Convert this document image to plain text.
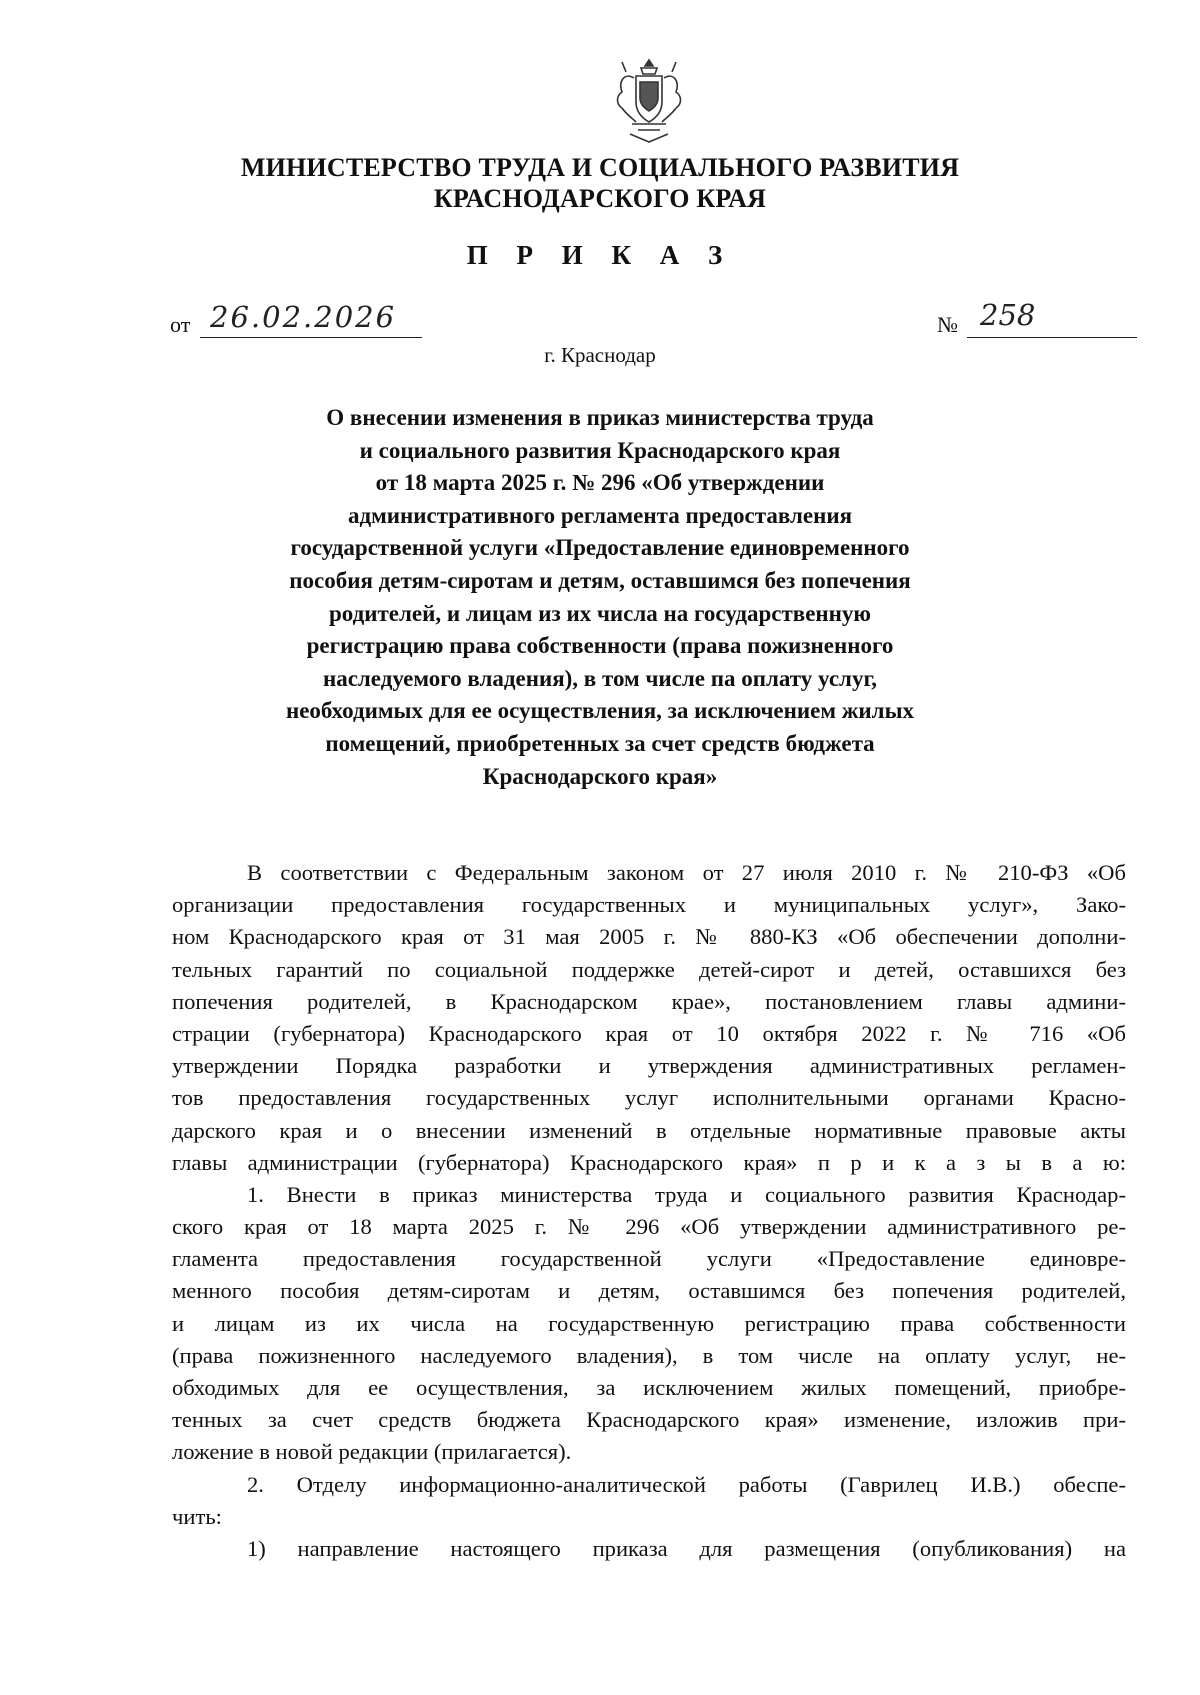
МИНИСТЕРСТВО ТРУДА И СОЦИАЛЬНОГО РАЗВИТИЯ
КРАСНОДАРСКОГО КРАЯ
П Р И К А З
от 26.02.2026	№ 258
г. Краснодар
О внесении изменения в приказ министерства труда
и социального развития Краснодарского края
от 18 марта 2025 г. № 296 «Об утверждении
административного регламента предоставления
государственной услуги «Предоставление единовременного
пособия детям-сиротам и детям, оставшимся без попечения
родителей, и лицам из их числа на государственную
регистрацию права собственности (права пожизненного
наследуемого владения), в том числе па оплату услуг,
необходимых для ее осуществления, за исключением жилых
помещений, приобретенных за счет средств бюджета
Краснодарского края»
В соответствии с Федеральным законом от 27 июля 2010 г. № 210-ФЗ «Об
организации предоставления государственных и муниципальных услуг», Зако-
ном Краснодарского края от 31 мая 2005 г. № 880-КЗ «Об обеспечении дополни-
тельных гарантий по социальной поддержке детей-сирот и детей, оставшихся без
попечения родителей, в Краснодарском крае», постановлением главы админи-
страции (губернатора) Краснодарского края от 10 октября 2022 г. № 716 «Об
утверждении Порядка разработки и утверждения административных регламен-
тов предоставления государственных услуг исполнительными органами Красно-
дарского края и о внесении изменений в отдельные нормативные правовые акты
главы администрации (губернатора) Краснодарского края» п р и к а з ы в а ю:
1. Внести в приказ министерства труда и социального развития Краснодар-
ского края от 18 марта 2025 г. № 296 «Об утверждении административного ре-
гламента предоставления государственной услуги «Предоставление единовре-
менного пособия детям-сиротам и детям, оставшимся без попечения родителей,
и лицам из их числа на государственную регистрацию права собственности
(права пожизненного наследуемого владения), в том числе на оплату услуг, не-
обходимых для ее осуществления, за исключением жилых помещений, приобре-
тенных за счет средств бюджета Краснодарского края» изменение, изложив при-
ложение в новой редакции (прилагается).
2. Отделу информационно-аналитической работы (Гаврилец И.В.) обеспе-
чить:
1) направление настоящего приказа для размещения (опубликования) на
